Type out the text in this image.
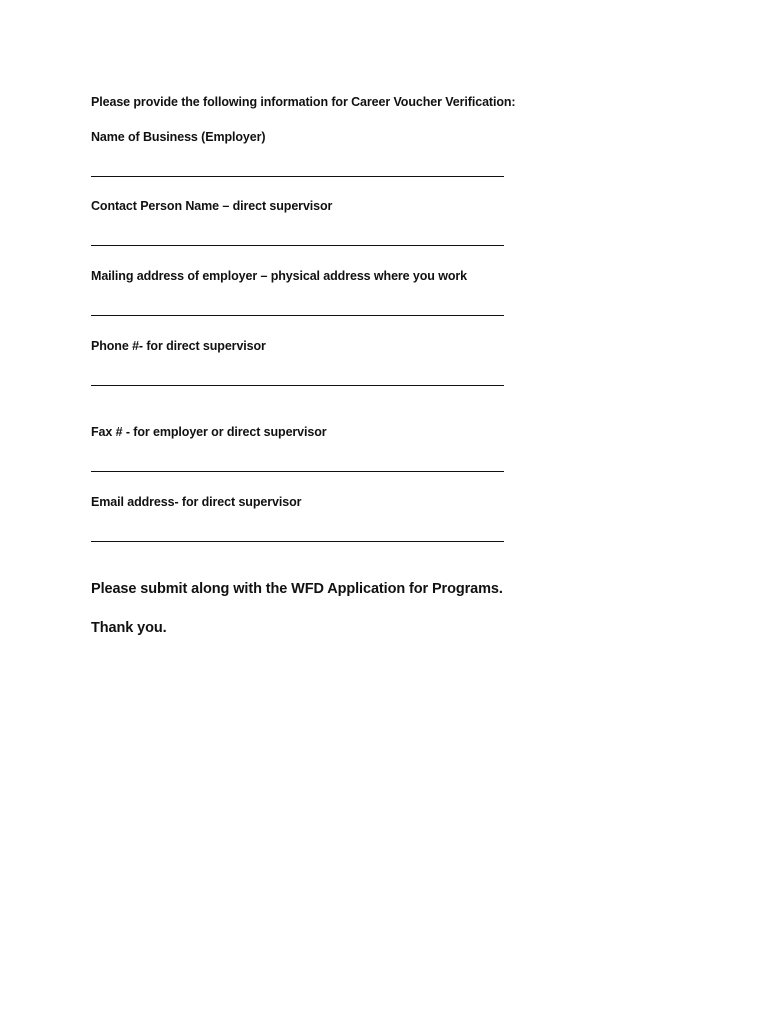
Please provide the following information for Career Voucher Verification:
Name of Business (Employer)
Contact Person Name – direct supervisor
Mailing address of employer – physical address where you work
Phone #- for direct supervisor
Fax # - for employer or direct supervisor
Email address- for direct supervisor
Please submit along with the WFD Application for Programs.
Thank you.
